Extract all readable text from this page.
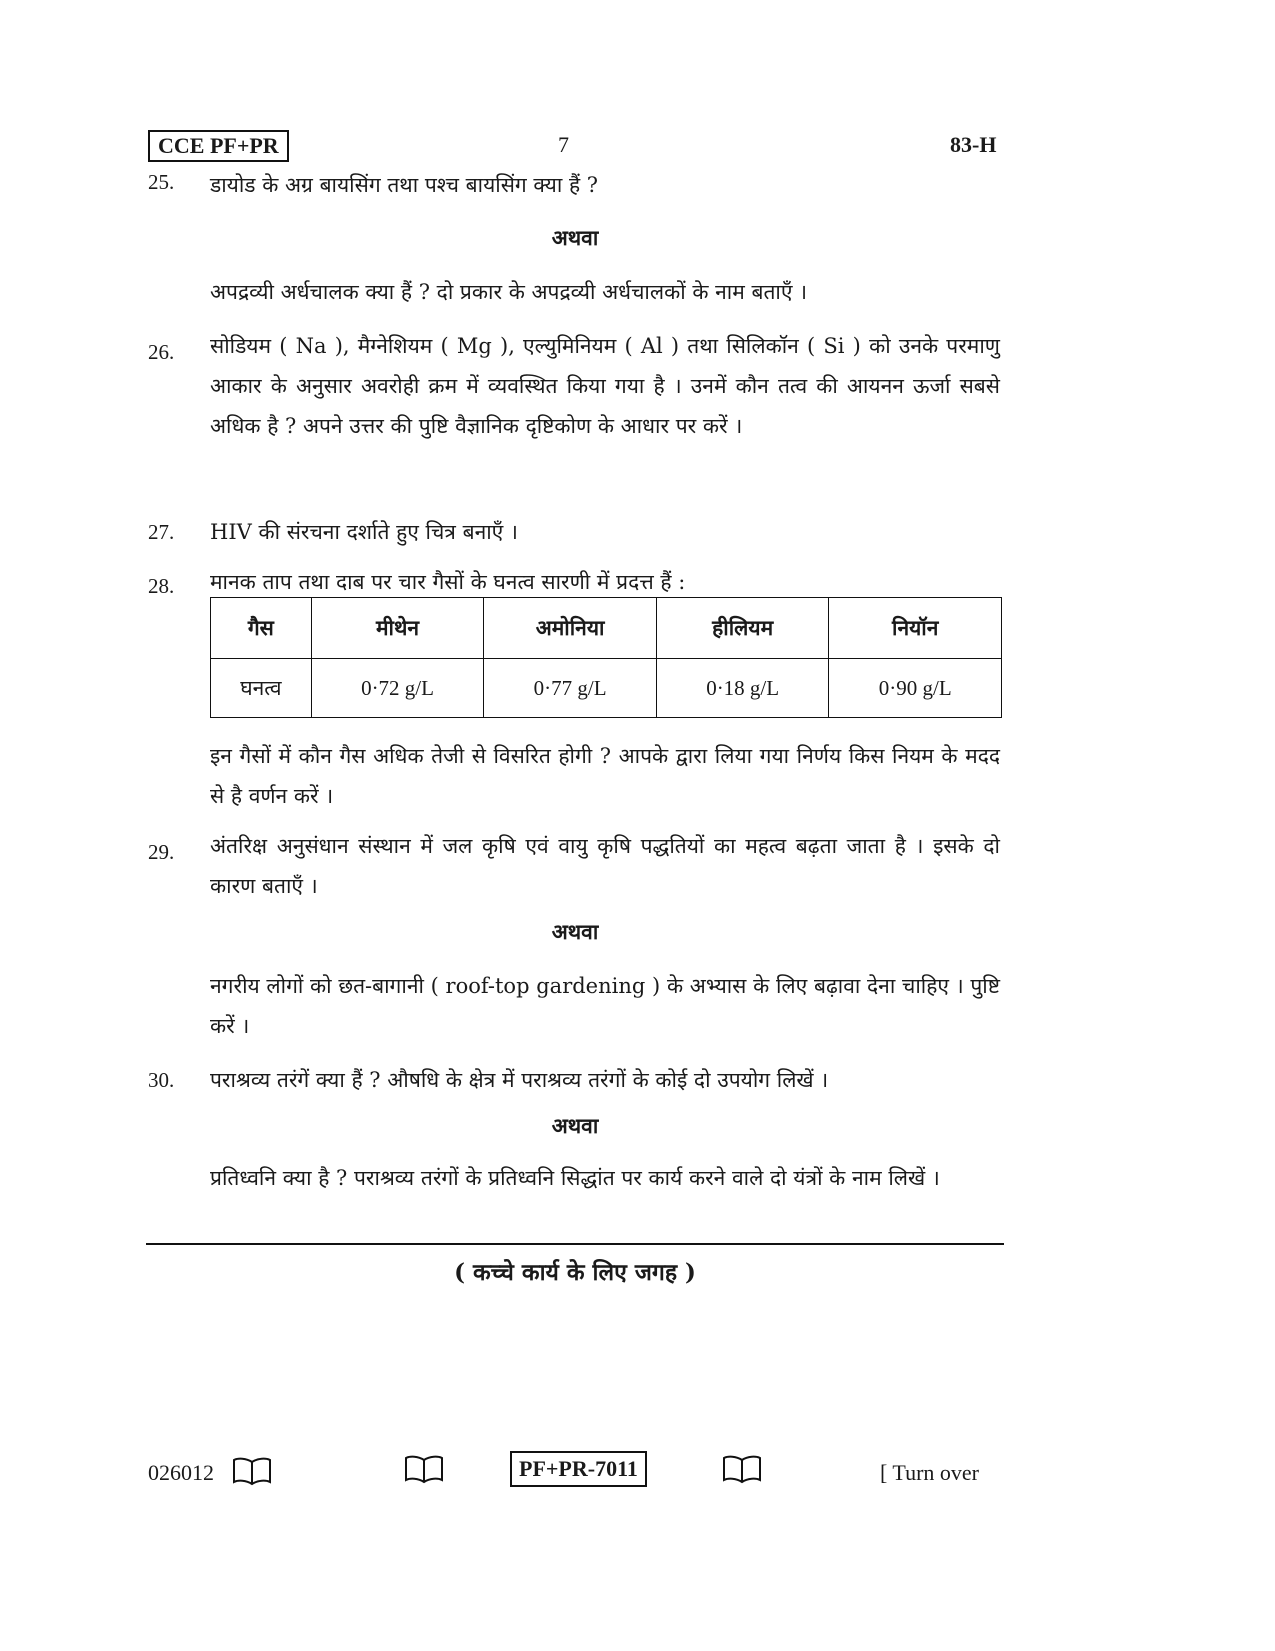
CCE PF+PR	7	83-H
25. डायोड के अग्र बायसिंग तथा पश्च बायसिंग क्या हैं ?
अथवा
अपद्रव्यी अर्धचालक क्या हैं ? दो प्रकार के अपद्रव्यी अर्धचालकों के नाम बताएँ ।
26. सोडियम ( Na ), मैग्नेशियम ( Mg ), एल्युमिनियम ( Al ) तथा सिलिकॉन ( Si ) को उनके परमाणु आकार के अनुसार अवरोही क्रम में व्यवस्थित किया गया है । उनमें कौन तत्व की आयनन ऊर्जा सबसे अधिक है ? अपने उत्तर की पुष्टि वैज्ञानिक दृष्टिकोण के आधार पर करें ।
27. HIV की संरचना दर्शाते हुए चित्र बनाएँ ।
28. मानक ताप तथा दाब पर चार गैसों के घनत्व सारणी में प्रदत्त हैं :
गैस	मीथेन	अमोनिया	हीलियम	नियॉन
घनत्व	0·72 g/L	0·77 g/L	0·18 g/L	0·90 g/L
इन गैसों में कौन गैस अधिक तेजी से विसरित होगी ? आपके द्वारा लिया गया निर्णय किस नियम के मदद से है वर्णन करें ।
29. अंतरिक्ष अनुसंधान संस्थान में जल कृषि एवं वायु कृषि पद्धतियों का महत्व बढ़ता जाता है । इसके दो कारण बताएँ ।
अथवा
नगरीय लोगों को छत-बागानी ( roof-top gardening ) के अभ्यास के लिए बढ़ावा देना चाहिए । पुष्टि करें ।
30. पराश्रव्य तरंगें क्या हैं ? औषधि के क्षेत्र में पराश्रव्य तरंगों के कोई दो उपयोग लिखें ।
अथवा
प्रतिध्वनि क्या है ? पराश्रव्य तरंगों के प्रतिध्वनि सिद्धांत पर कार्य करने वाले दो यंत्रों के नाम लिखें ।
( कच्चे कार्य के लिए जगह )
026012	PF+PR-7011	[ Turn over
